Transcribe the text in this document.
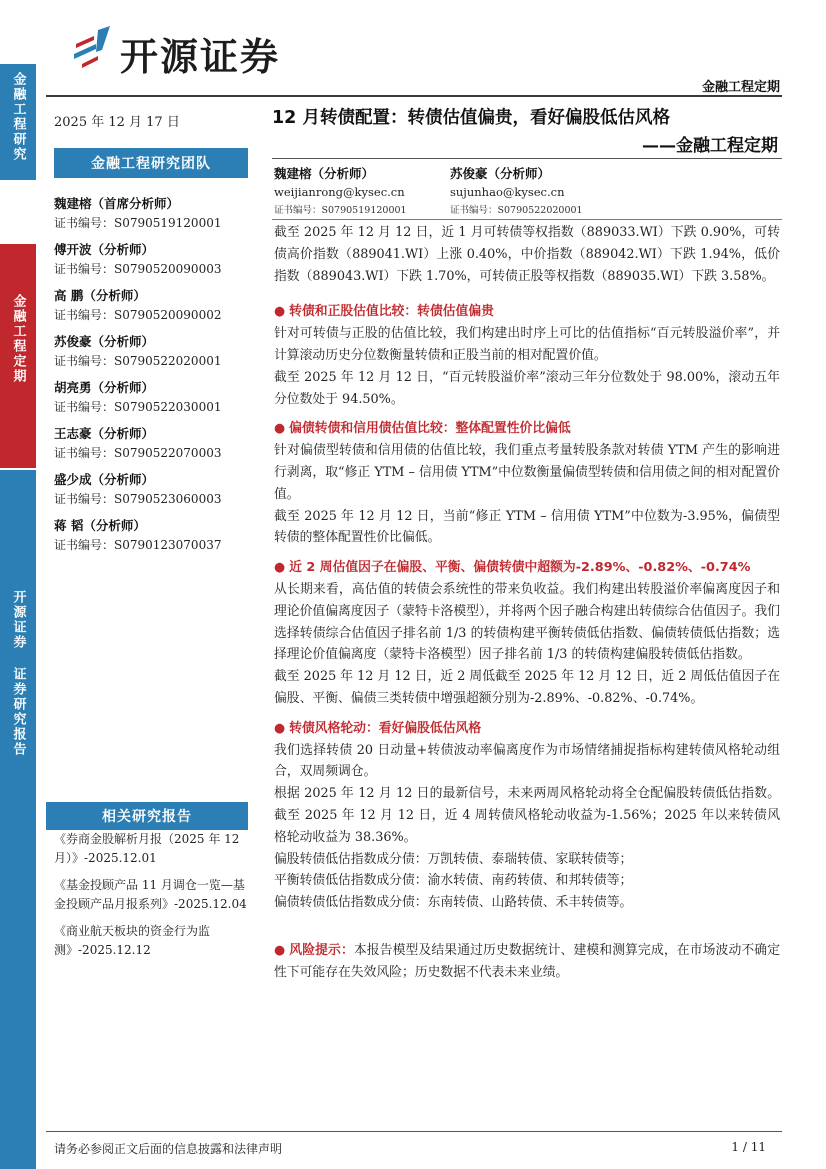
开源证券
金融工程定期
金融工程研究
金融工程定期
开源证券 证券研究报告
2025 年 12 月 17 日
金融工程研究团队
魏建榕（首席分析师）
证书编号：S0790519120001
傅开波（分析师）
证书编号：S0790520090003
高 鹏（分析师）
证书编号：S0790520090002
苏俊豪（分析师）
证书编号：S0790522020001
胡亮勇（分析师）
证书编号：S0790522030001
王志豪（分析师）
证书编号：S0790522070003
盛少成（分析师）
证书编号：S0790523060003
蒋 韬（分析师）
证书编号：S0790123070037
相关研究报告
《券商金股解析月报（2025 年 12 月）》-2025.12.01
《基金投顾产品 11 月调仓一览—基金投顾产品月报系列》-2025.12.04
《商业航天板块的资金行为监测》-2025.12.12
12 月转债配置：转债估值偏贵，看好偏股低估风格
——金融工程定期
魏建榕（分析师）
weijianrong@kysec.cn
证书编号：S0790519120001
苏俊豪（分析师）
sujunhao@kysec.cn
证书编号：S0790522020001

截至 2025 年 12 月 12 日，近 1 月可转债等权指数（889033.WI）下跌 0.90%，可转债高价指数（889041.WI）上涨 0.40%，中价指数（889042.WI）下跌 1.94%，低价指数（889043.WI）下跌 1.70%，可转债正股等权指数（889035.WI）下跌 3.58%。

● 转债和正股估值比较：转债估值偏贵

针对可转债与正股的估值比较，我们构建出时序上可比的估值指标“百元转股溢价率”，并计算滚动历史分位数衡量转债和正股当前的相对配置价值。

截至 2025 年 12 月 12 日，“百元转股溢价率”滚动三年分位数处于 98.00%，滚动五年分位数处于 94.50%。

● 偏债转债和信用债估值比较：整体配置性价比偏低

针对偏债型转债和信用债的估值比较，我们重点考量转股条款对转债 YTM 产生的影响进行剥离，取“修正 YTM – 信用债 YTM”中位数衡量偏债型转债和信用债之间的相对配置价值。

截至 2025 年 12 月 12 日，当前“修正 YTM – 信用债 YTM”中位数为-3.95%，偏债型转债的整体配置性价比偏低。

● 近 2 周估值因子在偏股、平衡、偏债转债中超额为-2.89%、-0.82%、-0.74%

从长期来看，高估值的转债会系统性的带来负收益。我们构建出转股溢价率偏离度因子和理论价值偏离度因子（蒙特卡洛模型），并将两个因子融合构建出转债综合估值因子。我们选择转债综合估值因子排名前 1/3 的转债构建平衡转债低估指数、偏债转债低估指数；选择理论价值偏离度（蒙特卡洛模型）因子排名前 1/3 的转债构建偏股转债低估指数。

截至 2025 年 12 月 12 日，近 2 周低截至 2025 年 12 月 12 日，近 2 周低估值因子在偏股、平衡、偏债三类转债中增强超额分别为-2.89%、-0.82%、-0.74%。

● 转债风格轮动：看好偏股低估风格

我们选择转债 20 日动量+转债波动率偏离度作为市场情绪捕捉指标构建转债风格轮动组合，双周频调仓。

根据 2025 年 12 月 12 日的最新信号，未来两周风格轮动将全仓配偏股转债低估指数。截至 2025 年 12 月 12 日，近 4 周转债风格轮动收益为-1.56%；2025 年以来转债风格轮动收益为 38.36%。

偏股转债低估指数成分债：万凯转债、泰瑞转债、家联转债等；

平衡转债低估指数成分债：渝水转债、南药转债、和邦转债等；

偏债转债低估指数成分债：东南转债、山路转债、禾丰转债等。

● 风险提示：本报告模型及结果通过历史数据统计、建模和测算完成，在市场波动不确定性下可能存在失效风险；历史数据不代表未来业绩。

请务必参阅正文后面的信息披露和法律声明	1 / 11
